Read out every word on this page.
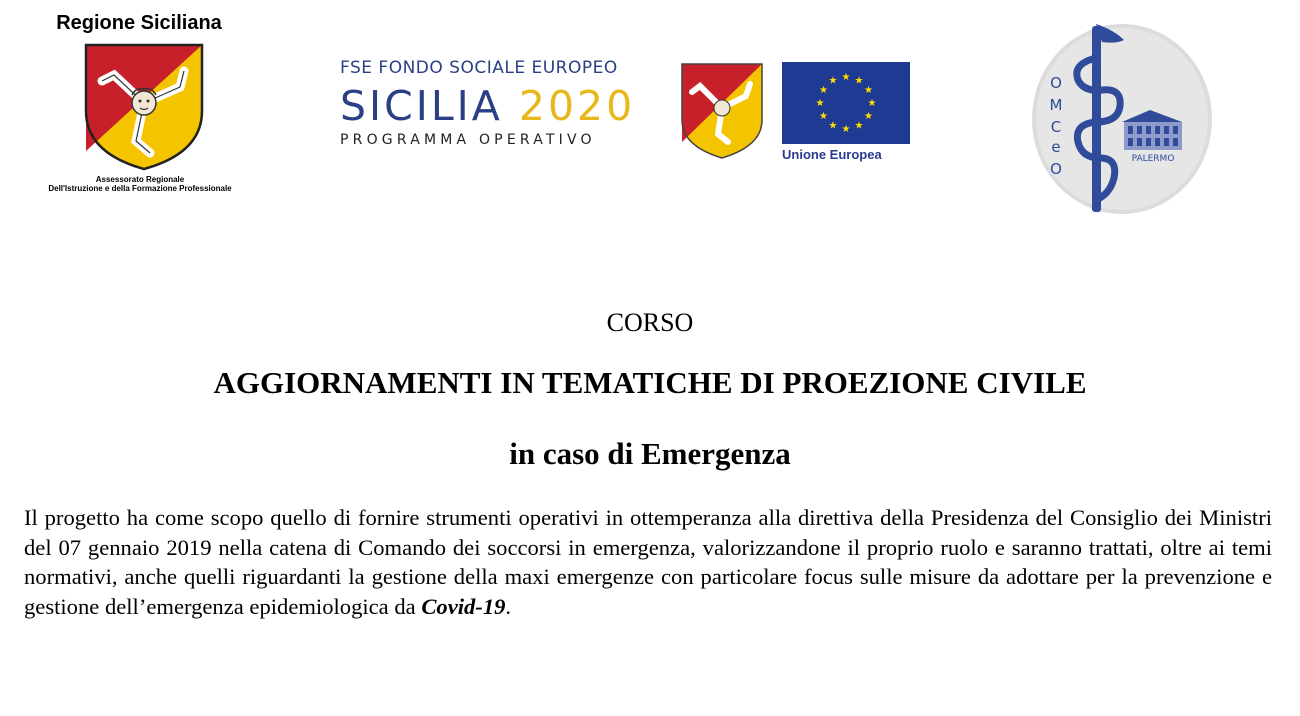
Regione Siciliana
Assessorato Regionale
Dell'Istruzione e della Formazione Professionale
FSE FONDO SOCIALE EUROPEO
SICILIA 2020
PROGRAMMA OPERATIVO
★ ★
★
★
★
★
★
★
★
★
★
★
Unione Europea
O
M
C
e
O
PALERMO
CORSO
AGGIORNAMENTI IN TEMATICHE DI PROEZIONE CIVILE
in caso di Emergenza
Il progetto ha come scopo quello di fornire strumenti operativi in ottemperanza alla direttiva della Presidenza del Consiglio dei Ministri del 07 gennaio 2019 nella catena di Comando dei soccorsi in emergenza, valorizzandone il proprio ruolo e saranno trattati, oltre ai temi normativi, anche quelli riguardanti la gestione della maxi emergenze con particolare focus sulle misure da adottare per la prevenzione e gestione dell’emergenza epidemiologica da Covid-19.
